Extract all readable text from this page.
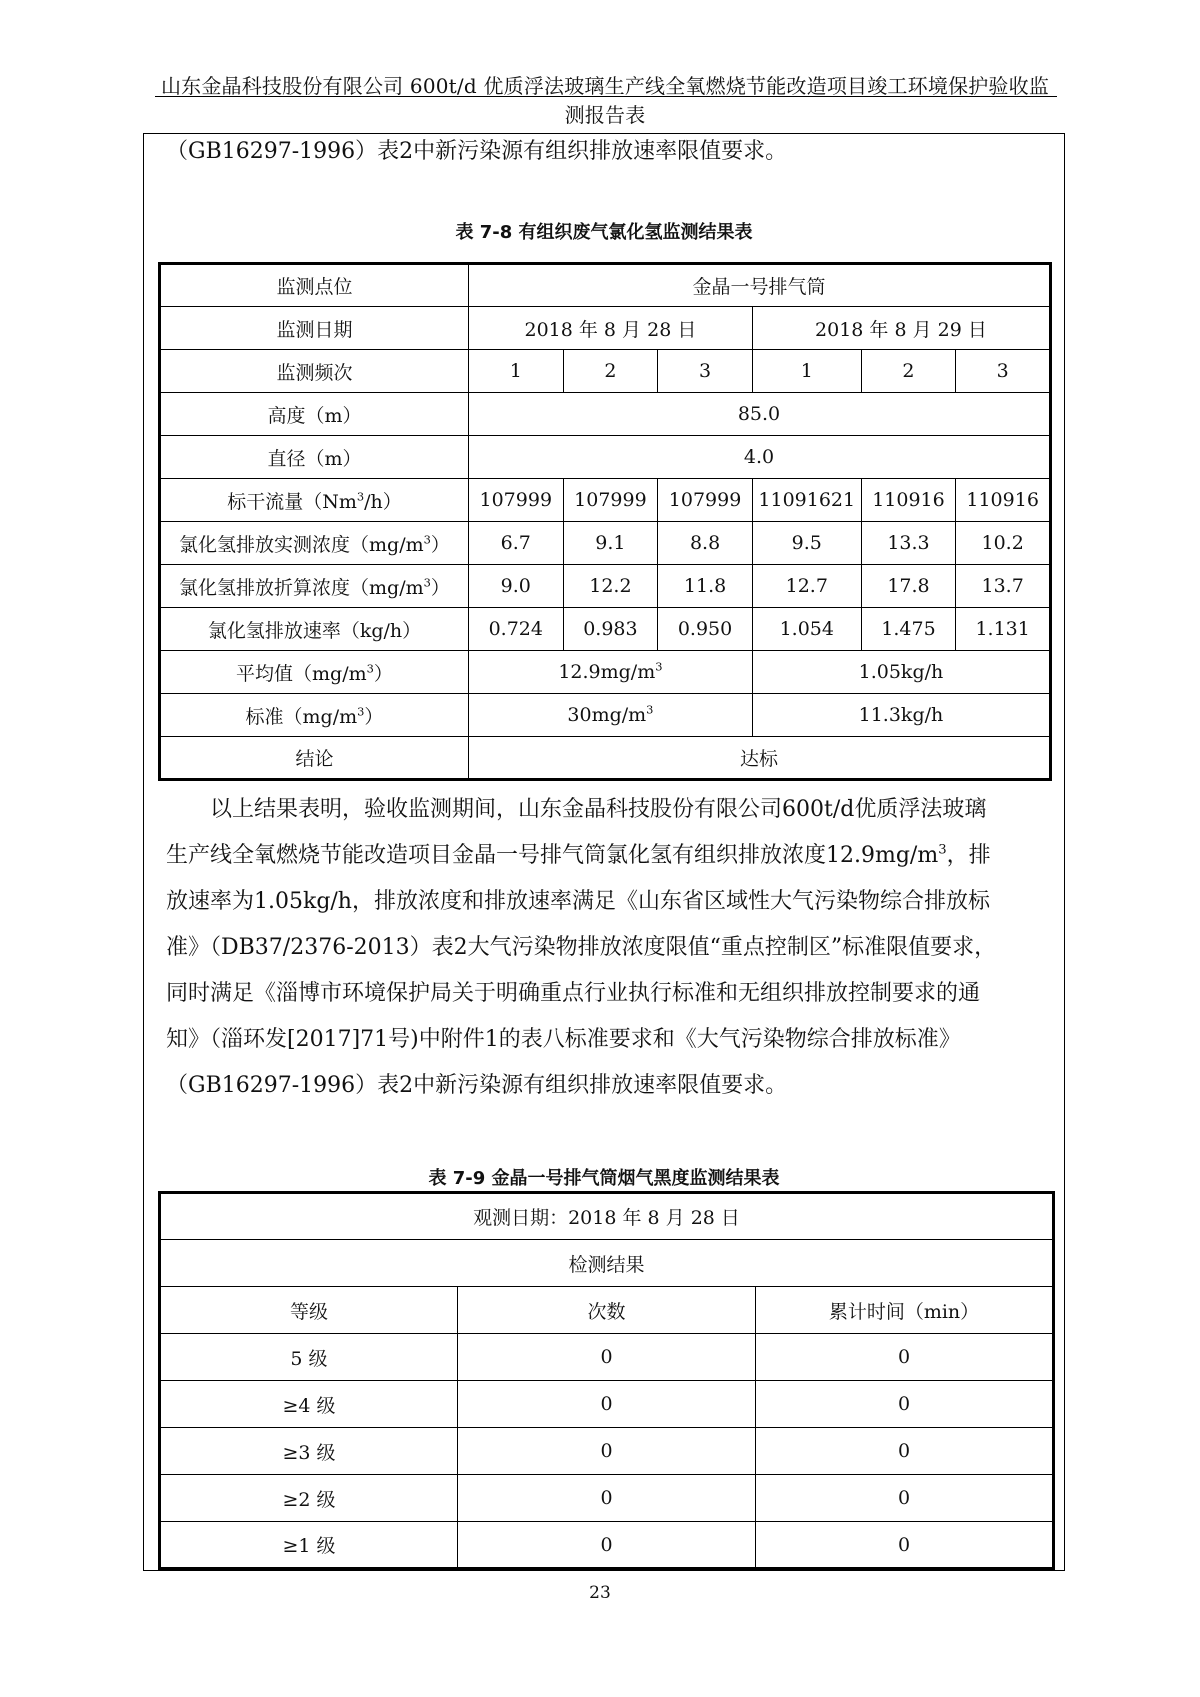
山东金晶科技股份有限公司 600t/d 优质浮法玻璃生产线全氧燃烧节能改造项目竣工环境保护验收监测报告表

（GB16297-1996）表2中新污染源有组织排放速率限值要求。

表 7-8 有组织废气氯化氢监测结果表
监测点位	金晶一号排气筒					
监测日期	2018 年 8 月 28 日			2018 年 8 月 29 日		
监测频次	1	2	3	1	2	3
高度（m）	85.0					
直径（m）	4.0					
标干流量（Nm$^3$/h）	107999	107999	107999	11091621	110916	110916
氯化氢排放实测浓度$(mg/m^3)$	6.7	9.1	8.8	9.5	13.3	10.2
氯化氢排放折算浓度$(mg/m^3)$	9.0	12.2	11.8	12.7	17.8	13.7
氯化氢排放速率（kg/h）	0.724	0.983	0.950	1.054	1.475	1.131
平均值$(mg/m^3)$	$12.9mg/m^3$			1.05kg/h		
标准$(mg/m^3)$	$30mg/m^3$			11.3kg/h		
结论	达标					

以上结果表明，验收监测期间，山东金晶科技股份有限公司600t/d优质浮法玻璃

生产线全氧燃烧节能改造项目金晶一号排气筒氯化氢有组织排放浓度$12.9mg/m^3$，排

放速率为1.05kg/h，排放浓度和排放速率满足《山东省区域性大气污染物综合排放标

准》（DB37/2376-2013）表2大气污染物排放浓度限值“重点控制区”标准限值要求，

同时满足《淄博市环境保护局关于明确重点行业执行标准和无组织排放控制要求的通

知》（淄环发[2017]71号)中附件1的表八标准要求和《大气污染物综合排放标准》

（GB16297-1996）表2中新污染源有组织排放速率限值要求。

表 7-9 金晶一号排气筒烟气黑度监测结果表
观测日期：2018 年 8 月 28 日		
检测结果		
等级	次数	累计时间（min）
5 级	0	0
≥4 级	0	0
≥3 级	0	0
≥2 级	0	0
≥1 级	0	0
23
